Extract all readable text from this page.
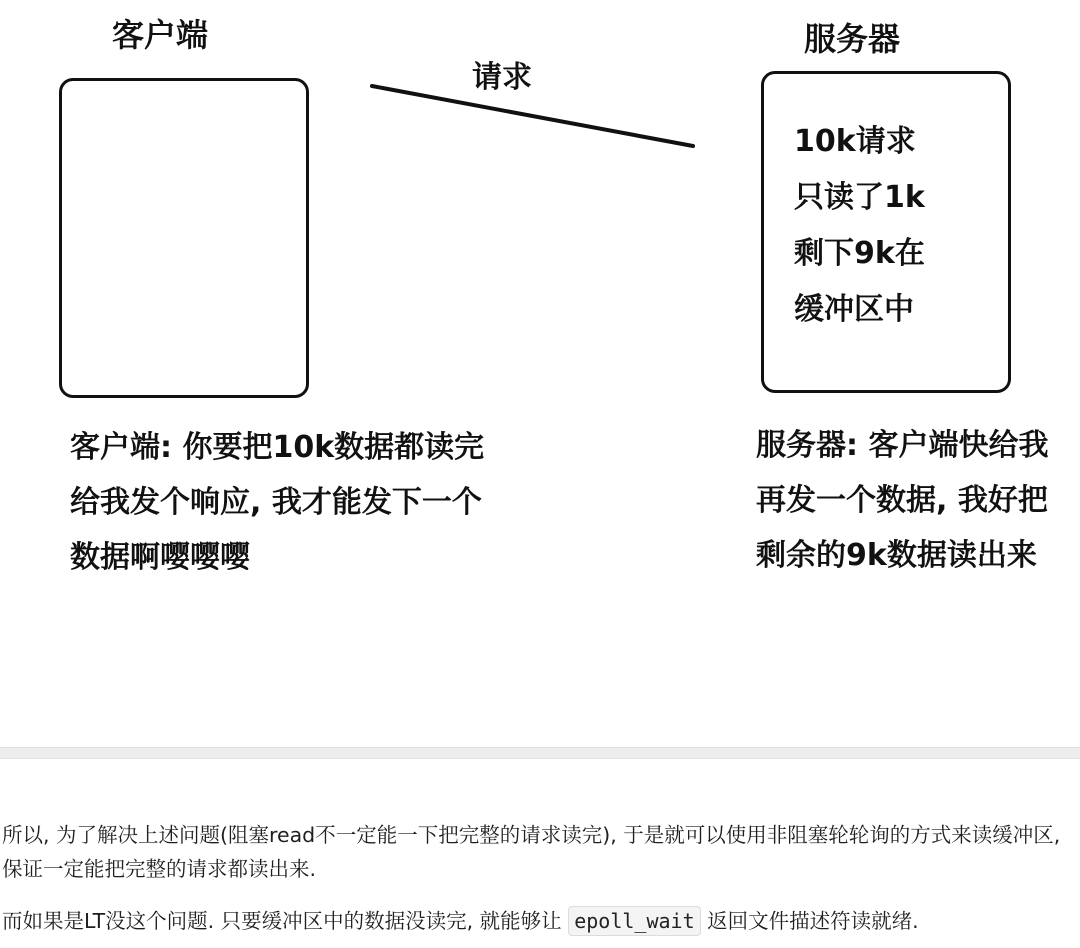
客户端	服务器
请求
10k请求
只读了1k
剩下9k在
缓冲区中
客户端: 你要把10k数据都读完
给我发个响应, 我才能发下一个
数据啊嘤嘤嘤
服务器: 客户端快给我
再发一个数据, 我好把
剩余的9k数据读出来

所以, 为了解决上述问题(阻塞read不一定能一下把完整的请求读完), 于是就可以使用非阻塞轮轮询的方式来读缓冲区, 保证一定能把完整的请求都读出来.

而如果是LT没这个问题. 只要缓冲区中的数据没读完, 就能够让 epoll_wait 返回文件描述符读就绪.
